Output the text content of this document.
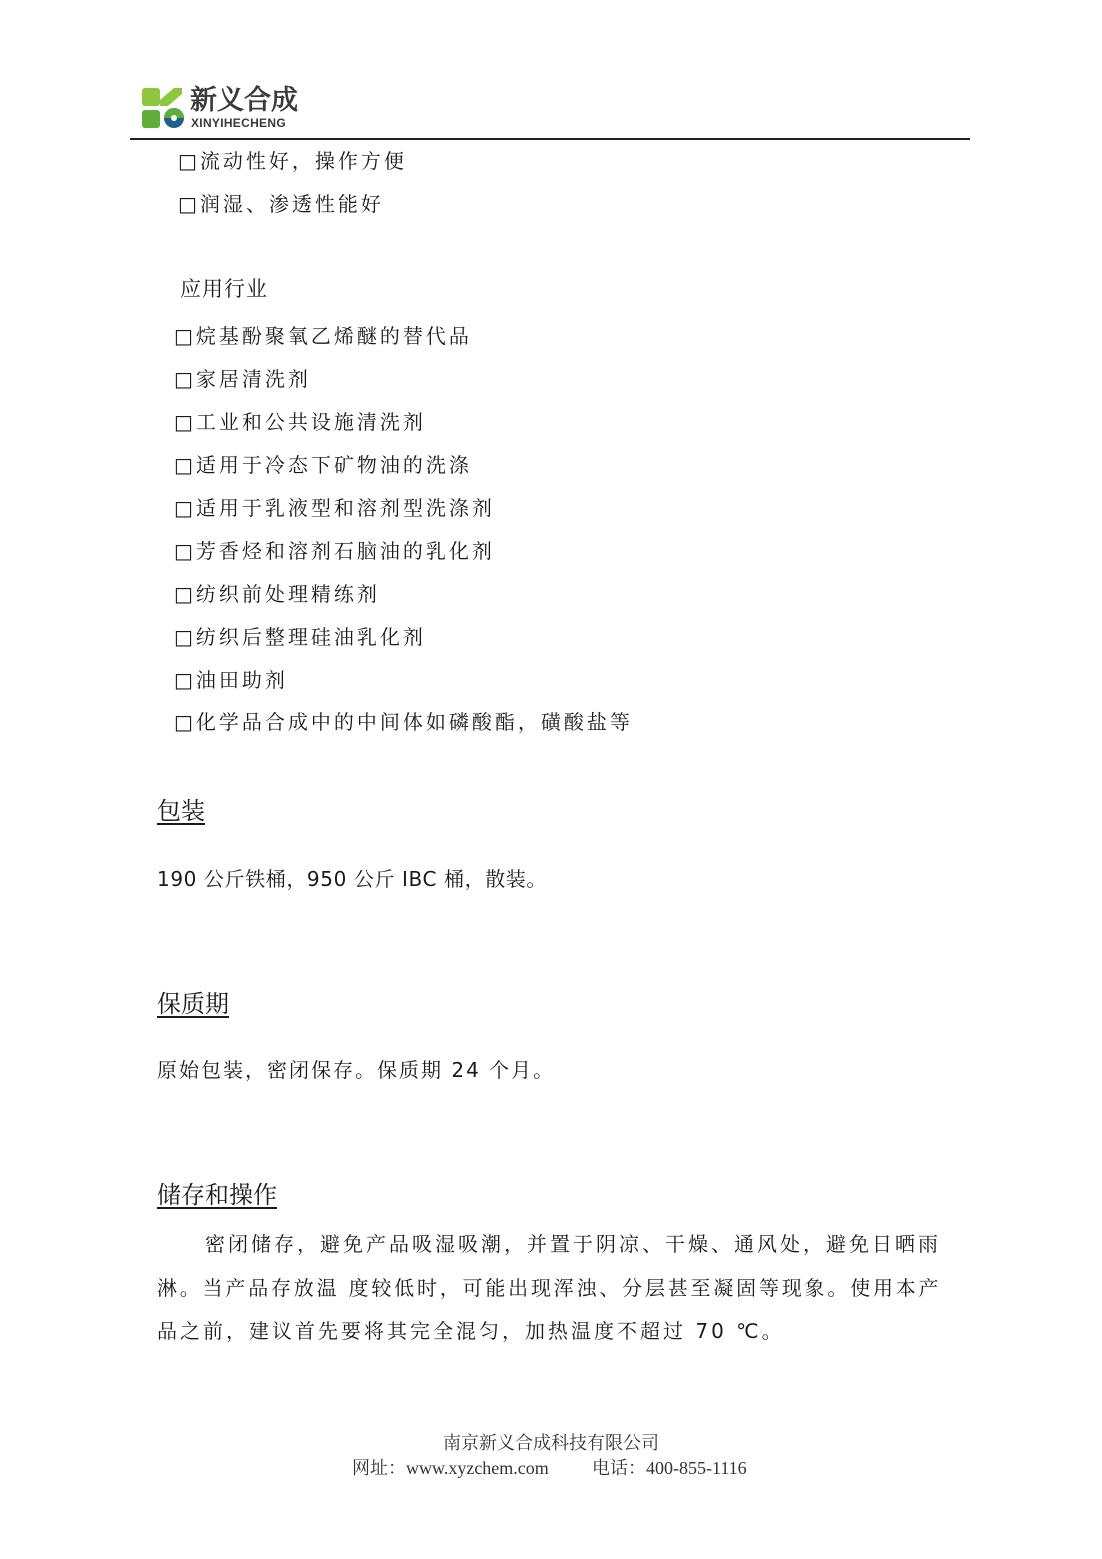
新义合成
XINYIHECHENG
□流动性好，操作方便
□润湿、渗透性能好
应用行业
□烷基酚聚氧乙烯醚的替代品
□家居清洗剂
□工业和公共设施清洗剂
□适用于冷态下矿物油的洗涤
□适用于乳液型和溶剂型洗涤剂
□芳香烃和溶剂石脑油的乳化剂
□纺织前处理精练剂
□纺织后整理硅油乳化剂
□油田助剂
□化学品合成中的中间体如磷酸酯，磺酸盐等
包装
190 公斤铁桶，950 公斤 IBC 桶，散装。
保质期
原始包装，密闭保存。保质期 24 个月。
储存和操作
密闭储存，避免产品吸湿吸潮，并置于阴凉、干燥、通风处，避免日晒雨
淋。当产品存放温 度较低时，可能出现浑浊、分层甚至凝固等现象。使用本产
品之前，建议首先要将其完全混匀，加热温度不超过 70 ℃。
南京新义合成科技有限公司
网址：www.xyzchem.com 电话：400-855-1116
